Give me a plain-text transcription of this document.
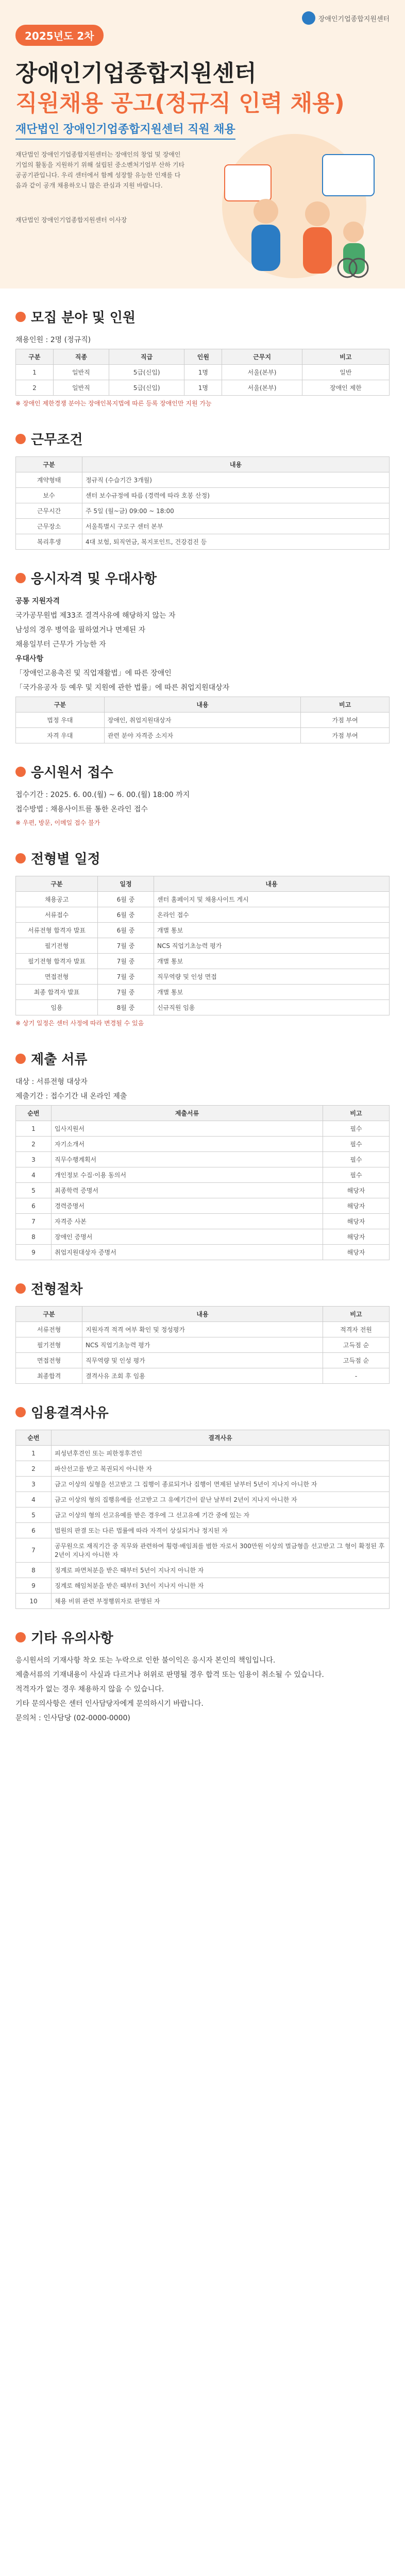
장애인기업종합지원센터
2025년도 2차
장애인기업종합지원센터
직원채용 공고(정규직 인력 채용)
재단법인 장애인기업종합지원센터 직원 채용
재단법인 장애인기업종합지원센터는 장애인의 창업 및 장애인기업의 활동을 지원하기 위해 설립된 중소벤처기업부 산하 기타 공공기관입니다. 우리 센터에서 함께 성장할 유능한 인재를 다음과 같이 공개 채용하오니 많은 관심과 지원 바랍니다.
재단법인 장애인기업종합지원센터 이사장
모집 분야 및 인원
채용인원 : 2명 (정규직)
구분	직종	직급	인원	근무지	비고
1	일반직	5급(신입)	1명	서울(본부)	일반
2	일반직	5급(신입)	1명	서울(본부)	장애인 제한
※ 장애인 제한경쟁 분야는 장애인복지법에 따른 등록 장애인만 지원 가능
근무조건
구분	내용
계약형태	정규직 (수습기간 3개월)
보수	센터 보수규정에 따름 (경력에 따라 호봉 산정)
근무시간	주 5일 (월~금) 09:00 ~ 18:00
근무장소	서울특별시 구로구 센터 본부
복리후생	4대 보험, 퇴직연금, 복지포인트, 건강검진 등
응시자격 및 우대사항
공통 지원자격
국가공무원법 제33조 결격사유에 해당하지 않는 자
남성의 경우 병역을 필하였거나 면제된 자
채용일부터 근무가 가능한 자
우대사항
「장애인고용촉진 및 직업재활법」에 따른 장애인
「국가유공자 등 예우 및 지원에 관한 법률」에 따른 취업지원대상자
구분	내용	비고
법정 우대	장애인, 취업지원대상자	가점 부여
자격 우대	관련 분야 자격증 소지자	가점 부여
응시원서 접수
접수기간 : 2025. 6. 00.(월) ~ 6. 00.(월) 18:00 까지
접수방법 : 채용사이트를 통한 온라인 접수
※ 우편, 방문, 이메일 접수 불가
전형별 일정
구분	일정	내용
채용공고	6월 중	센터 홈페이지 및 채용사이트 게시
서류접수	6월 중	온라인 접수
서류전형 합격자 발표	6월 중	개별 통보
필기전형	7월 중	NCS 직업기초능력 평가
필기전형 합격자 발표	7월 중	개별 통보
면접전형	7월 중	직무역량 및 인성 면접
최종 합격자 발표	7월 중	개별 통보
임용	8월 중	신규직원 임용
※ 상기 일정은 센터 사정에 따라 변경될 수 있음
제출 서류
대상 : 서류전형 대상자
제출기간 : 접수기간 내 온라인 제출
순번	제출서류	비고
1	입사지원서	필수
2	자기소개서	필수
3	직무수행계획서	필수
4	개인정보 수집·이용 동의서	필수
5	최종학력 증명서	해당자
6	경력증명서	해당자
7	자격증 사본	해당자
8	장애인 증명서	해당자
9	취업지원대상자 증명서	해당자
전형절차
구분	내용	비고
서류전형	지원자격 적격 여부 확인 및 정성평가	적격자 전원
필기전형	NCS 직업기초능력 평가	고득점 순
면접전형	직무역량 및 인성 평가	고득점 순
최종합격	결격사유 조회 후 임용	-
임용결격사유
순번	결격사유
1	피성년후견인 또는 피한정후견인
2	파산선고를 받고 복권되지 아니한 자
3	금고 이상의 실형을 선고받고 그 집행이 종료되거나 집행이 면제된 날부터 5년이 지나지 아니한 자
4	금고 이상의 형의 집행유예를 선고받고 그 유예기간이 끝난 날부터 2년이 지나지 아니한 자
5	금고 이상의 형의 선고유예를 받은 경우에 그 선고유예 기간 중에 있는 자
6	법원의 판결 또는 다른 법률에 따라 자격이 상실되거나 정지된 자
7	공무원으로 재직기간 중 직무와 관련하여 횡령·배임죄를 범한 자로서 300만원 이상의 벌금형을 선고받고 그 형이 확정된 후 2년이 지나지 아니한 자
8	징계로 파면처분을 받은 때부터 5년이 지나지 아니한 자
9	징계로 해임처분을 받은 때부터 3년이 지나지 아니한 자
10	채용 비위 관련 부정행위자로 판명된 자
기타 유의사항
응시원서의 기재사항 착오 또는 누락으로 인한 불이익은 응시자 본인의 책임입니다.
제출서류의 기재내용이 사실과 다르거나 허위로 판명될 경우 합격 또는 임용이 취소될 수 있습니다.
적격자가 없는 경우 채용하지 않을 수 있습니다.
기타 문의사항은 센터 인사담당자에게 문의하시기 바랍니다.
문의처 : 인사담당 (02-0000-0000)
